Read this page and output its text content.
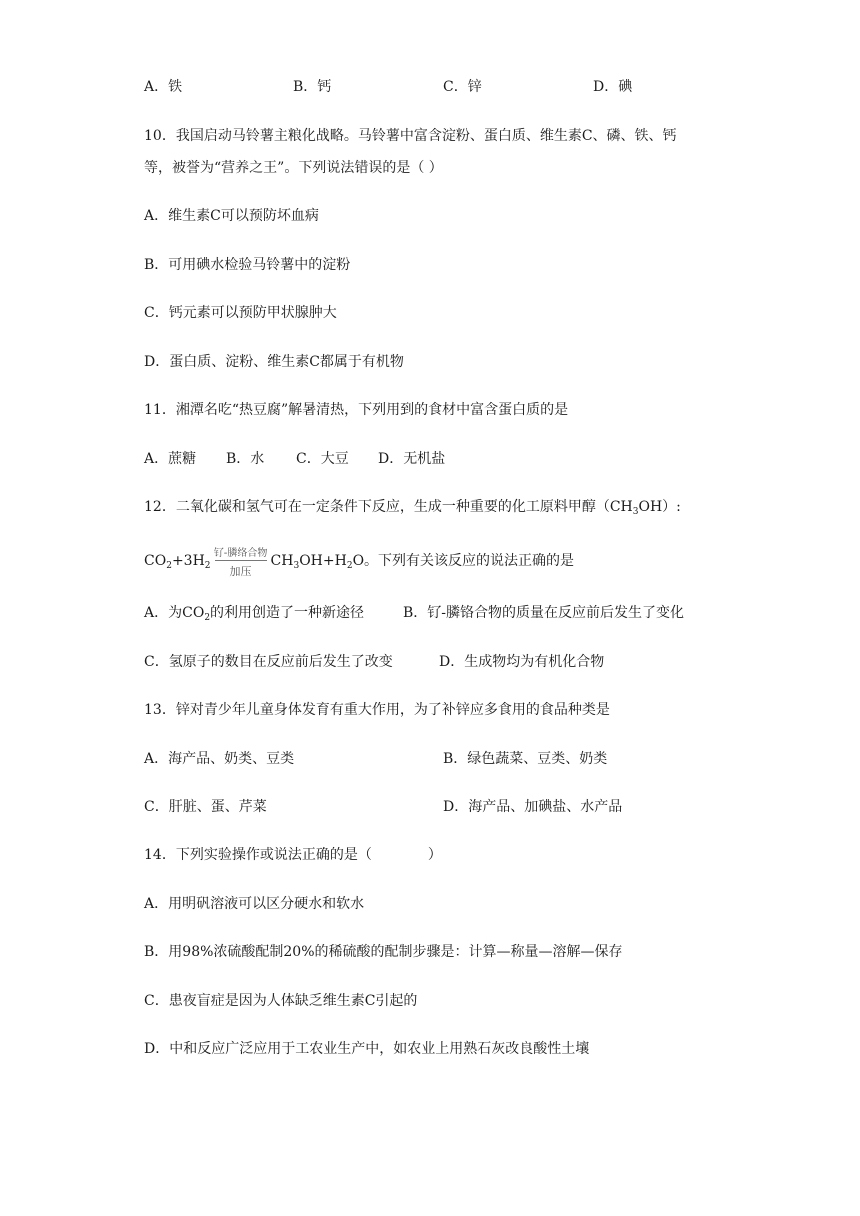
A．铁	B．钙	C．锌	D．碘
10．我国启动马铃薯主粮化战略。马铃薯中富含淀粉、蛋白质、维生素C、磷、铁、钙
等，被誉为“营养之王”。下列说法错误的是（ ）
A．维生素C可以预防坏血病
B．可用碘水检验马铃薯中的淀粉
C．钙元素可以预防甲状腺肿大
D．蛋白质、淀粉、维生素C都属于有机物
11．湘潭名吃“热豆腐”解暑清热，下列用到的食材中富含蛋白质的是
A．蔗糖 B．水 C．大豆 D．无机盐
12．二氧化碳和氢气可在一定条件下反应，生成一种重要的化工原料甲醇$(CH_3OH)$:
$CO_2+3H_2$
钌-膦络合物
加压
$CH_3OH+H_2O$。下列有关该反应的说法正确的是
A．为$CO_2$的利用创造了一种新途径	B．钌-膦铬合物的质量在反应前后发生了变化
C．氢原子的数目在反应前后发生了改变	D．生成物均为有机化合物
13．锌对青少年儿童身体发育有重大作用，为了补锌应多食用的食品种类是
A．海产品、奶类、豆类	B．绿色蔬菜、豆类、奶类
C．肝脏、蛋、芹菜	D．海产品、加碘盐、水产品
14．下列实验操作或说法正确的是（　　　　）
A．用明矾溶液可以区分硬水和软水
B．用98%浓硫酸配制20%的稀硫酸的配制步骤是：计算—称量—溶解—保存
C．患夜盲症是因为人体缺乏维生素C引起的
D．中和反应广泛应用于工农业生产中，如农业上用熟石灰改良酸性土壤
